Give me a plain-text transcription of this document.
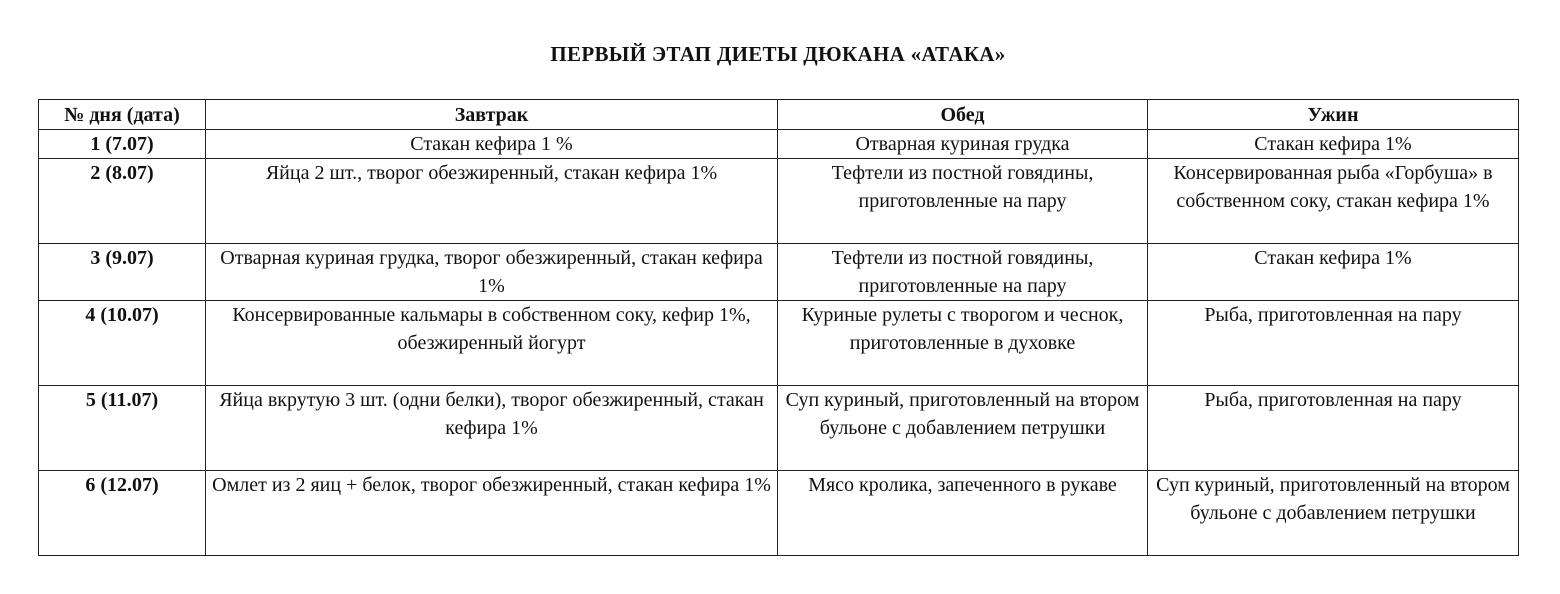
ПЕРВЫЙ ЭТАП ДИЕТЫ ДЮКАНА «АТАКА»
№ дня (дата)	Завтрак	Обед	Ужин
1 (7.07)	Стакан кефира 1 %	Отварная куриная грудка	Стакан кефира 1%
2 (8.07)	Яйца 2 шт., творог обезжиренный, стакан кефира 1%	Тефтели из постной говядины, приготовленные на пару	Консервированная рыба «Горбуша» в собственном соку, стакан кефира 1%
3 (9.07)	Отварная куриная грудка, творог обезжиренный, стакан кефира 1%	Тефтели из постной говядины, приготовленные на пару	Стакан кефира 1%
4 (10.07)	Консервированные кальмары в собственном соку, кефир 1%, обезжиренный йогурт	Куриные рулеты с творогом и чеснок, приготовленные в духовке	Рыба, приготовленная на пару
5 (11.07)	Яйца вкрутую 3 шт. (одни белки), творог обезжиренный, стакан кефира 1%	Суп куриный, приготовленный на втором бульоне с добавлением петрушки	Рыба, приготовленная на пару
6 (12.07)	Омлет из 2 яиц + белок, творог обезжиренный, стакан кефира 1%	Мясо кролика, запеченного в рукаве	Суп куриный, приготовленный на втором бульоне с добавлением петрушки
